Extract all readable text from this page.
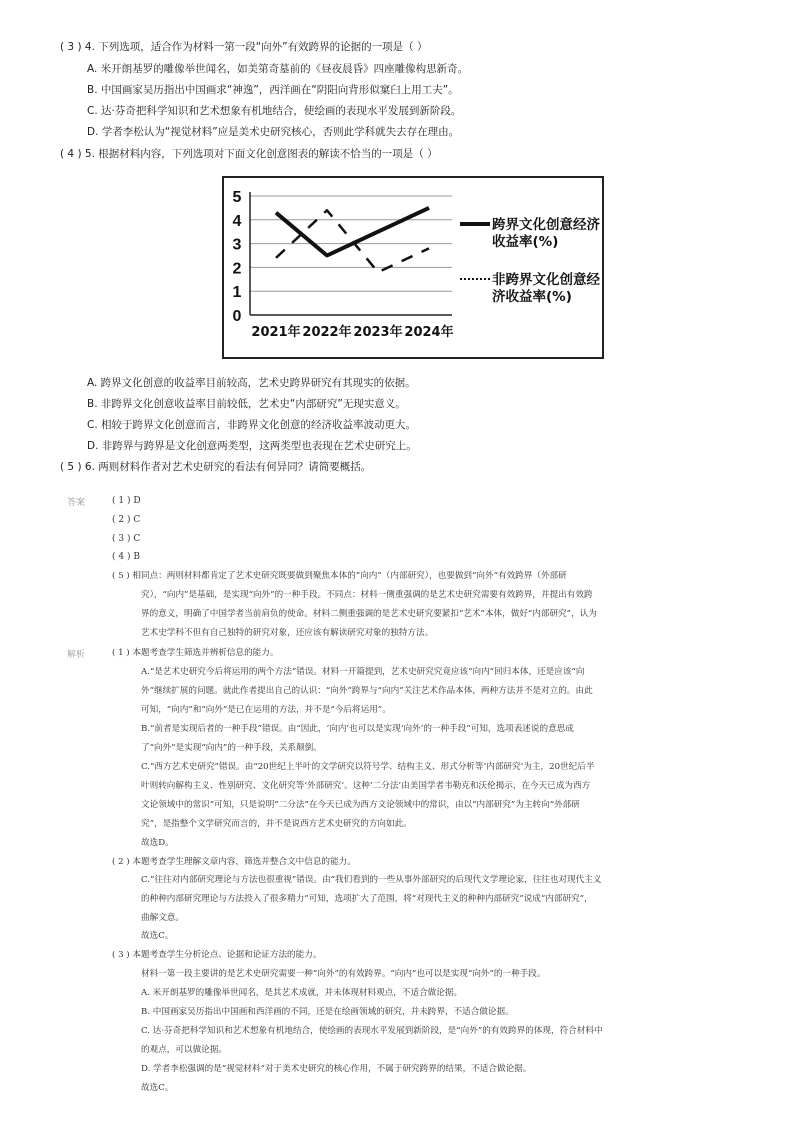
( 3 ) 4. 下列选项，适合作为材料一第一段“向外”有效跨界的论据的一项是（ ）
A. 米开朗基罗的雕像举世闻名，如美第奇墓前的《昼夜晨昏》四座雕像构思新奇。
B. 中国画家吴历指出中国画求“神逸”，西洋画在“阴阳向背形似窠臼上用工夫”。
C. 达·芬奇把科学知识和艺术想象有机地结合，使绘画的表现水平发展到新阶段。
D. 学者李松认为“视觉材料”应是美术史研究核心，否则此学科就失去存在理由。
( 4 ) 5. 根据材料内容，下列选项对下面文化创意图表的解读不恰当的一项是（ ）
0
1
2
3
4
5
2021年 2022年 2023年 2024年
跨界文化创意经济
收益率(%)
非跨界文化创意经
济收益率(%)
A. 跨界文化创意的收益率目前较高，艺术史跨界研究有其现实的依据。
B. 非跨界文化创意收益率目前较低，艺术史“内部研究”无现实意义。
C. 相较于跨界文化创意而言，非跨界文化创意的经济收益率波动更大。
D. 非跨界与跨界是文化创意两类型，这两类型也表现在艺术史研究上。
( 5 ) 6. 两则材料作者对艺术史研究的看法有何异同？请简要概括。
答案	( 1 ) D
( 2 ) C
( 3 ) C
( 4 ) B
( 5 ) 相同点：两则材料都肯定了艺术史研究既要做到聚焦本体的“向内”（内部研究），也要做到“向外”有效跨界（外部研
究），“向内”是基础，是实现“向外”的一种手段。不同点：材料一侧重强调的是艺术史研究需要有效跨界，并提出有效跨
界的意义，明确了中国学者当前肩负的使命。材料二侧重强调的是艺术史研究要紧扣“艺术”本体，做好“内部研究”，认为
艺术史学科不但有自己独特的研究对象，还应该有解读研究对象的独特方法。
解析	( 1 ) 本题考查学生筛选并辨析信息的能力。
A.“是艺术史研究今后将运用的两个方法”错误。材料一开篇提到，艺术史研究究竟应该“向内”回归本体，还是应该“向
外”继续扩展的问题。就此作者提出自己的认识：“向外”跨界与“向内”关注艺术作品本体，两种方法并不是对立的。由此
可知，“向内”和“向外”是已在运用的方法，并不是“今后将运用”。
B.“前者是实现后者的一种手段”错误。由“因此，‘向内’也可以是实现‘向外’的一种手段”可知，选项表述说的意思成
了“向外”是实现“向内”的一种手段，关系颠倒。
C.“西方艺术史研究”错误。由“20世纪上半叶的文学研究以符号学、结构主义、形式分析等‘内部研究’为主，20世纪后半
叶则转向解构主义、性别研究、文化研究等‘外部研究’。这种‘二分法’由美国学者韦勒克和沃伦揭示，在今天已成为西方
文论领域中的常识”可知，只是说明“二分法”在今天已成为西方文论领域中的常识，由以“内部研究”为主转向“外部研
究”，是指整个文学研究而言的，并不是说西方艺术史研究的方向如此。
故选D。
( 2 ) 本题考查学生理解文章内容，筛选并整合文中信息的能力。
C.“往往对内部研究理论与方法也很重视”错误。由“我们看到的一些从事外部研究的后现代文学理论家，往往也对现代主义
的种种内部研究理论与方法投入了很多精力”可知，选项扩大了范围，将“对现代主义的种种内部研究”说成“内部研究”，
曲解文意。
故选C。
( 3 ) 本题考查学生分析论点、论据和论证方法的能力。
材料一第一段主要讲的是艺术史研究需要一种“向外”的有效跨界。“向内”也可以是实现“向外”的一种手段。
A. 米开朗基罗的雕像举世闻名，是其艺术成就，并未体现材料观点，不适合做论据。
B. 中国画家吴历指出中国画和西洋画的不同，还是在绘画领域的研究，并未跨界，不适合做论据。
C. 达·芬奇把科学知识和艺术想象有机地结合，使绘画的表现水平发展到新阶段，是“向外”的有效跨界的体现，符合材料中
的观点，可以做论据。
D. 学者李松强调的是“视觉材料”对于美术史研究的核心作用，不属于研究跨界的结果，不适合做论据。
故选C。
